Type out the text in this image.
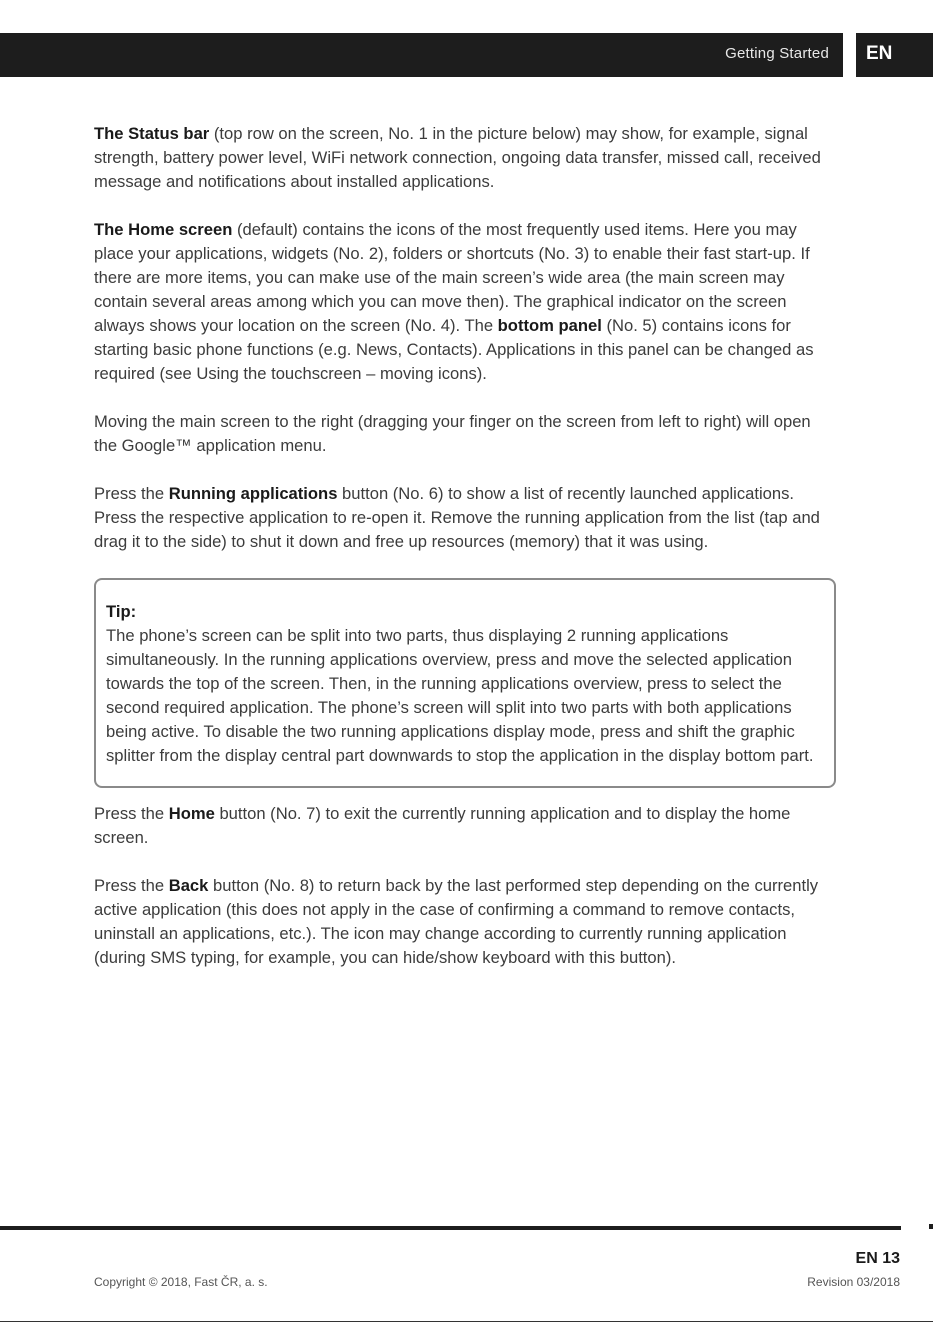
Getting Started EN

The Status bar (top row on the screen, No. 1 in the picture below) may show, for example, signal strength, battery power level, WiFi network connection, ongoing data transfer, missed call, received message and notifications about installed applications.

The Home screen (default) contains the icons of the most frequently used items. Here you may place your applications, widgets (No. 2), folders or shortcuts (No. 3) to enable their fast start-up. If there are more items, you can make use of the main screen’s wide area (the main screen may contain several areas among which you can move then). The graphical indicator on the screen always shows your location on the screen (No. 4). The bottom panel (No. 5) contains icons for starting basic phone functions (e.g. News, Contacts). Applications in this panel can be changed as required (see Using the touchscreen – moving icons).

Moving the main screen to the right (dragging your finger on the screen from left to right) will open the Google™ application menu.

Press the Running applications button (No. 6) to show a list of recently launched applications. Press the respective application to re-open it. Remove the running application from the list (tap and drag it to the side) to shut it down and free up resources (memory) that it was using.

Tip:
The phone’s screen can be split into two parts, thus displaying 2 running applications simultaneously. In the running applications overview, press and move the selected application towards the top of the screen. Then, in the running applications overview, press to select the second required application. The phone’s screen will split into two parts with both applications being active. To disable the two running applications display mode, press and shift the graphic splitter from the display central part downwards to stop the application in the display bottom part.

Press the Home button (No. 7) to exit the currently running application and to display the home screen.

Press the Back button (No. 8) to return back by the last performed step depending on the currently active application (this does not apply in the case of confirming a command to remove contacts, uninstall an applications, etc.). The icon may change according to currently running application (during SMS typing, for example, you can hide/show keyboard with this button).

EN 13
Copyright © 2018, Fast ČR, a. s.	Revision 03/2018
